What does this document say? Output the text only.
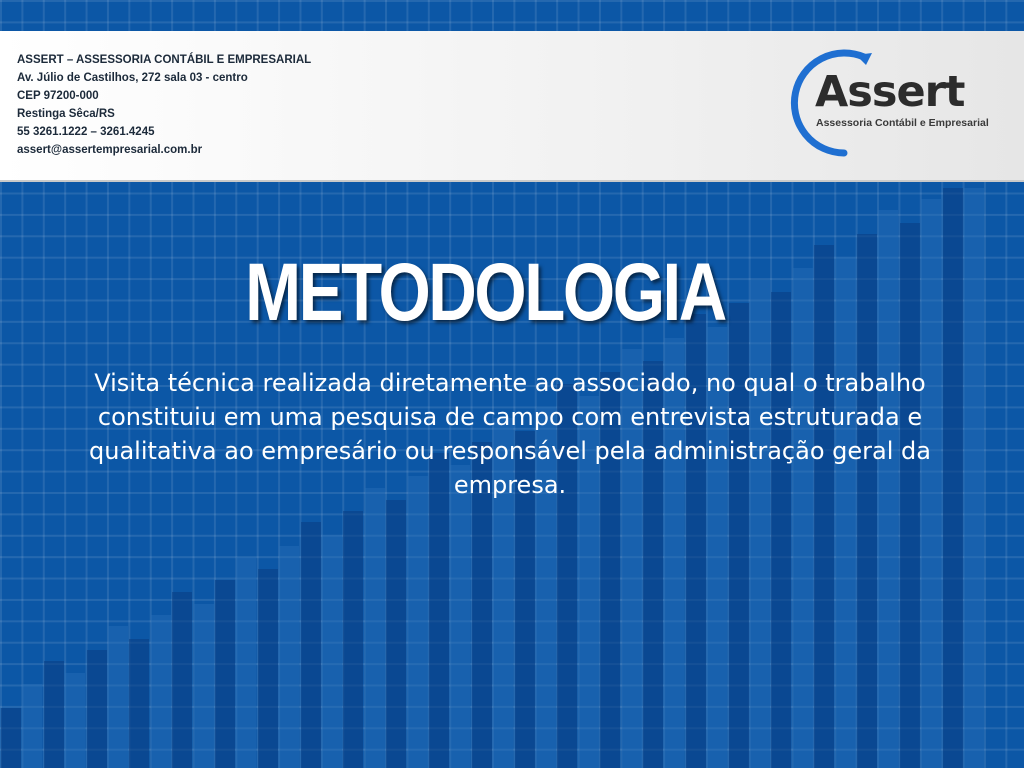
ASSERT – ASSESSORIA CONTÁBIL E EMPRESARIAL
Av. Júlio de Castilhos, 272 sala 03 - centro
CEP 97200-000
Restinga Sêca/RS
55 3261.1222 – 3261.4245
assert@assertempresarial.com.br
Assert
Assessoria Contábil e Empresarial
METODOLOGIA
Visita técnica realizada diretamente ao associado, no qual o trabalho constituiu em uma pesquisa de campo com entrevista estruturada e qualitativa ao empresário ou responsável pela administração geral da empresa.
